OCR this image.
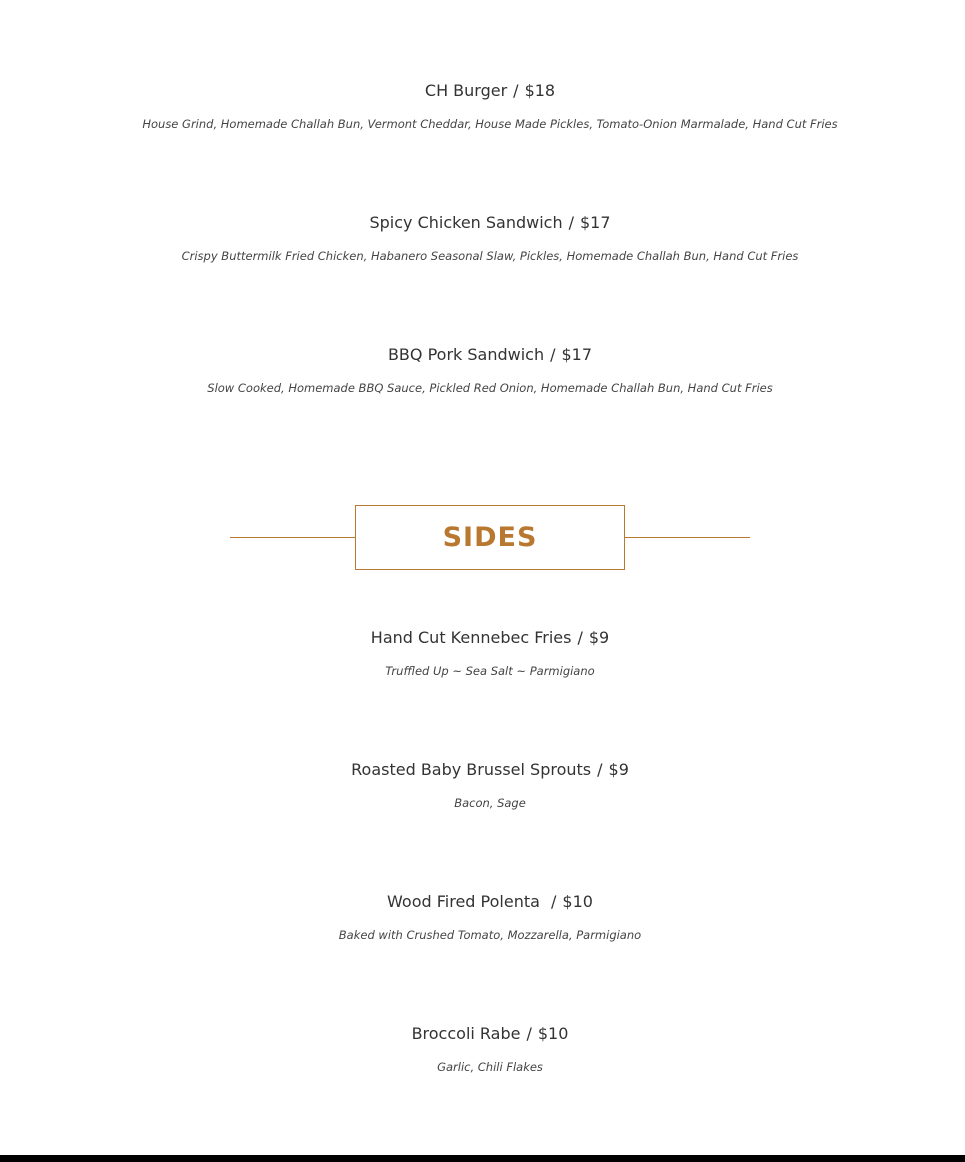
CH Burger / $18
House Grind, Homemade Challah Bun, Vermont Cheddar, House Made Pickles, Tomato-Onion Marmalade, Hand Cut Fries
Spicy Chicken Sandwich / $17
Crispy Buttermilk Fried Chicken, Habanero Seasonal Slaw, Pickles, Homemade Challah Bun, Hand Cut Fries
BBQ Pork Sandwich / $17
Slow Cooked, Homemade BBQ Sauce, Pickled Red Onion, Homemade Challah Bun, Hand Cut Fries
SIDES
Hand Cut Kennebec Fries / $9
Truffled Up ~ Sea Salt ~ Parmigiano
Roasted Baby Brussel Sprouts / $9
Bacon, Sage
Wood Fired Polenta / $10
Baked with Crushed Tomato, Mozzarella, Parmigiano
Broccoli Rabe / $10
Garlic, Chili Flakes
